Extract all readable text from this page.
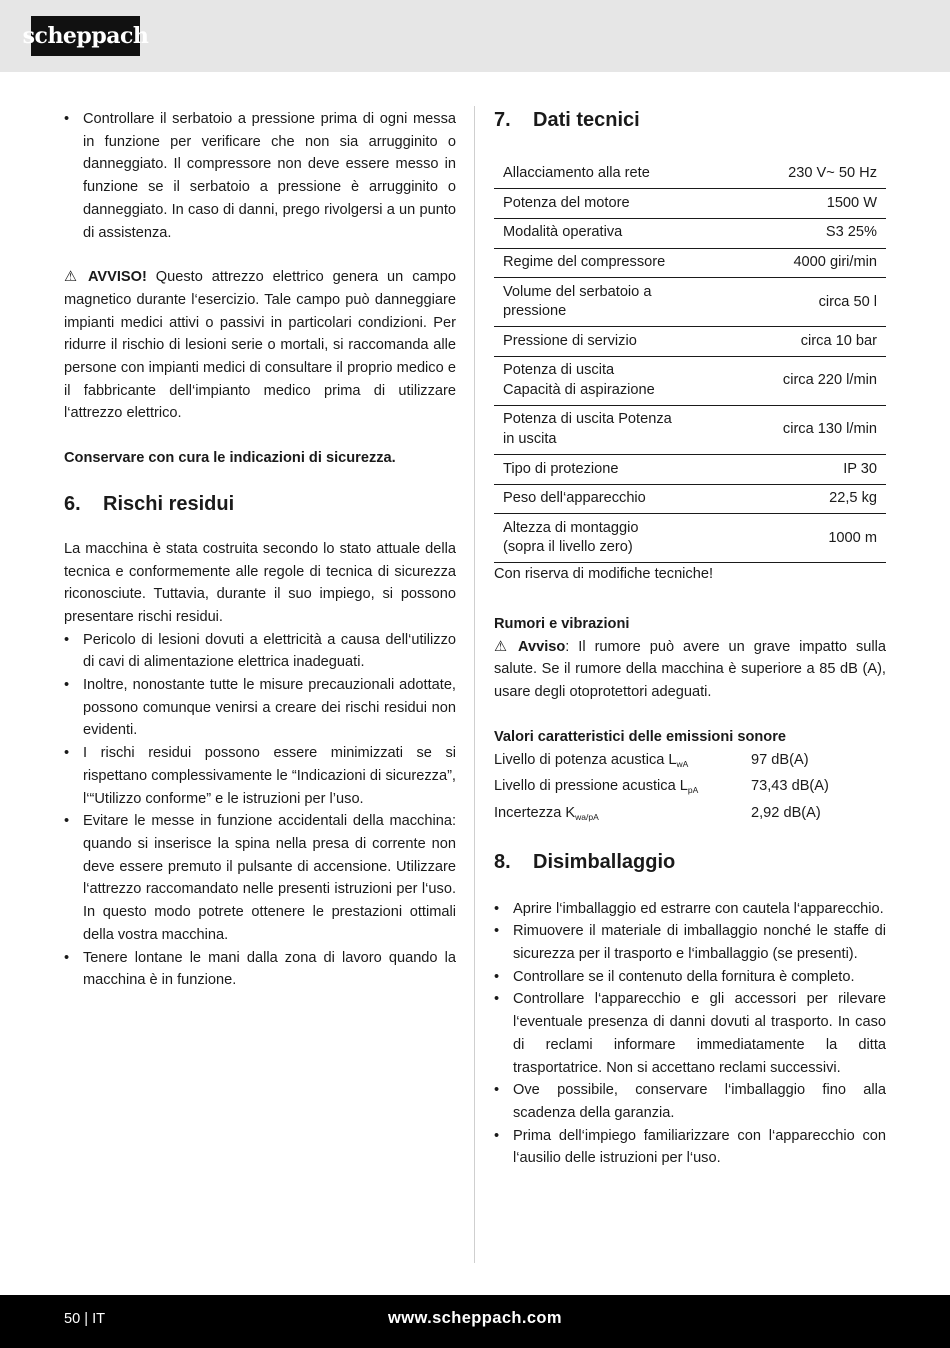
scheppach
• Controllare il serbatoio a pressione prima di ogni messa in funzione per verificare che non sia arrugginito o danneggiato. Il compressore non deve essere messo in funzione se il serbatoio a pressione è arrugginito o danneggiato. In caso di danni, prego rivolgersi a un punto di assistenza.

⚠ AVVISO! Questo attrezzo elettrico genera un campo magnetico durante l‘esercizio. Tale campo può danneggiare impianti medici attivi o passivi in particolari condizioni. Per ridurre il rischio di lesioni serie o mortali, si raccomanda alle persone con impianti medici di consultare il proprio medico e il fabbricante dell‘impianto medico prima di utilizzare l‘attrezzo elettrico.

Conservare con cura le indicazioni di sicurezza.

6.	Rischi residui

La macchina è stata costruita secondo lo stato attuale della tecnica e conformemente alle regole di tecnica di sicurezza riconosciute. Tuttavia, durante il suo impiego, si possono presentare rischi residui.

• Pericolo di lesioni dovuti a elettricità a causa dell‘utilizzo di cavi di alimentazione elettrica inadeguati.
• Inoltre, nonostante tutte le misure precauzionali adottate, possono comunque venirsi a creare dei rischi residui non evidenti.
• I rischi residui possono essere minimizzati se si rispettano complessivamente le “Indicazioni di sicurezza”, l‘“Utilizzo conforme” e le istruzioni per l’uso.
• Evitare le messe in funzione accidentali della macchina: quando si inserisce la spina nella presa di corrente non deve essere premuto il pulsante di accensione. Utilizzare l‘attrezzo raccomandato nelle presenti istruzioni per l‘uso. In questo modo potrete ottenere le prestazioni ottimali della vostra macchina.
• Tenere lontane le mani dalla zona di lavoro quando la macchina è in funzione.
7.	Dati tecnici
Allacciamento alla rete	230 V~ 50 Hz
Potenza del motore	1500 W
Modalità operativa	S3 25%
Regime del compressore	4000 giri/min
Volume del serbatoio a pressione	circa 50 l
Pressione di servizio	circa 10 bar
Potenza di uscita Capacità di aspirazione	circa 220 l/min
Potenza di uscita Potenza in uscita	circa 130 l/min
Tipo di protezione	IP 30
Peso dell‘apparecchio	22,5 kg
Altezza di montaggio (sopra il livello zero)	1000 m

Con riserva di modifiche tecniche!

Rumori e vibrazioni

⚠ Avviso: Il rumore può avere un grave impatto sulla salute. Se il rumore della macchina è superiore a 85 dB (A), usare degli otoprotettori adeguati.

Valori caratteristici delle emissioni sonore

Livello di potenza acustica $L_{wA}$	97 dB(A)
Livello di pressione acustica $L_{pA}$	73,43 dB(A)
Incertezza $K_{wa/pA}$	2,92 dB(A)
8.	Disimballaggio
• Aprire l‘imballaggio ed estrarre con cautela l‘apparecchio.
• Rimuovere il materiale di imballaggio nonché le staffe di sicurezza per il trasporto e l‘imballaggio (se presenti).
• Controllare se il contenuto della fornitura è completo.
• Controllare l‘apparecchio e gli accessori per rilevare l‘eventuale presenza di danni dovuti al trasporto. In caso di reclami informare immediatamente la ditta trasportatrice. Non si accettano reclami successivi.
• Ove possibile, conservare l‘imballaggio fino alla scadenza della garanzia.
• Prima dell‘impiego familiarizzare con l‘apparecchio con l‘ausilio delle istruzioni per l‘uso.
50 | IT	www.scheppach.com
